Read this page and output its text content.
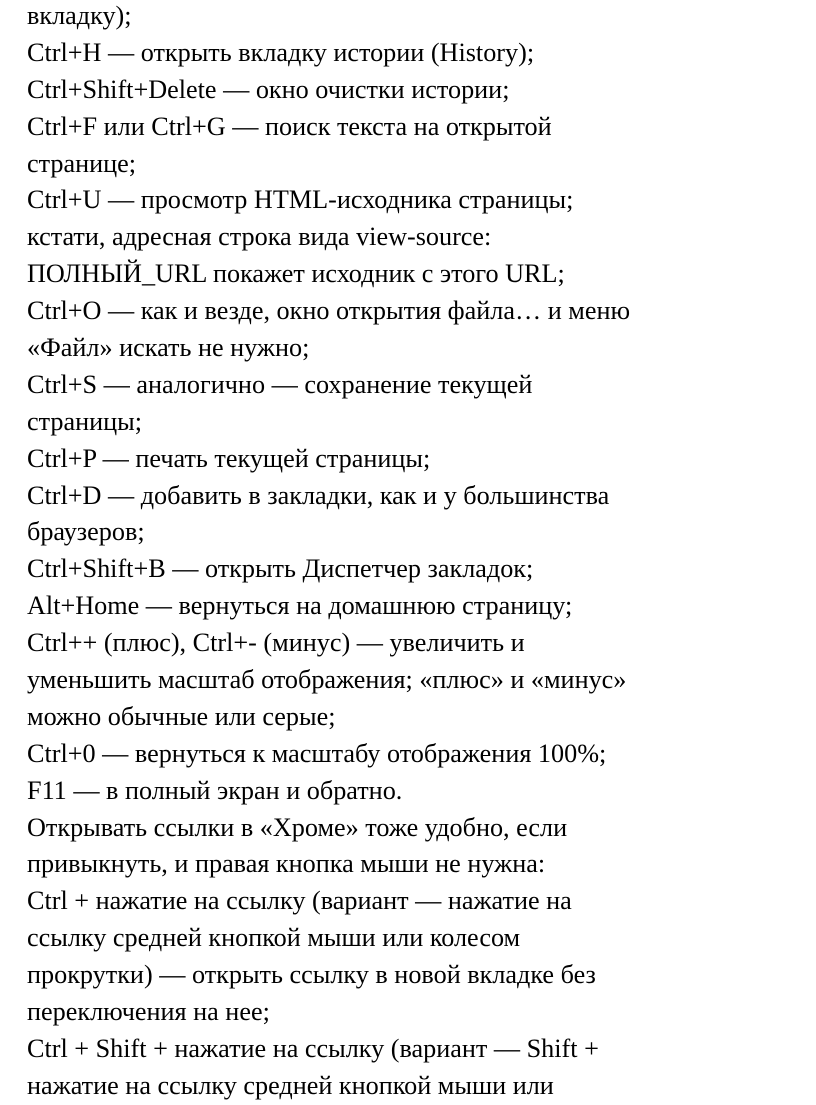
вкладку);
Ctrl+H — открыть вкладку истории (History);
Ctrl+Shift+Delete — окно очистки истории;
Ctrl+F или Ctrl+G — поиск текста на открытой
странице;
Ctrl+U — просмотр HTML-исходника страницы;
кстати, адресная строка вида view-source:
ПОЛНЫЙ_URL покажет исходник с этого URL;
Ctrl+O — как и везде, окно открытия файла… и меню
«Файл» искать не нужно;
Ctrl+S — аналогично — сохранение текущей
страницы;
Ctrl+P — печать текущей страницы;
Ctrl+D — добавить в закладки, как и у большинства
браузеров;
Ctrl+Shift+B — открыть Диспетчер закладок;
Alt+Home — вернуться на домашнюю страницу;
Ctrl++ (плюс), Ctrl+- (минус) — увеличить и
уменьшить масштаб отображения; «плюс» и «минус»
можно обычные или серые;
Ctrl+0 — вернуться к масштабу отображения 100%;
F11 — в полный экран и обратно.
Открывать ссылки в «Хроме» тоже удобно, если
привыкнуть, и правая кнопка мыши не нужна:
Ctrl + нажатие на ссылку (вариант — нажатие на
ссылку средней кнопкой мыши или колесом
прокрутки) — открыть ссылку в новой вкладке без
переключения на нее;
Ctrl + Shift + нажатие на ссылку (вариант — Shift +
нажатие на ссылку средней кнопкой мыши или
